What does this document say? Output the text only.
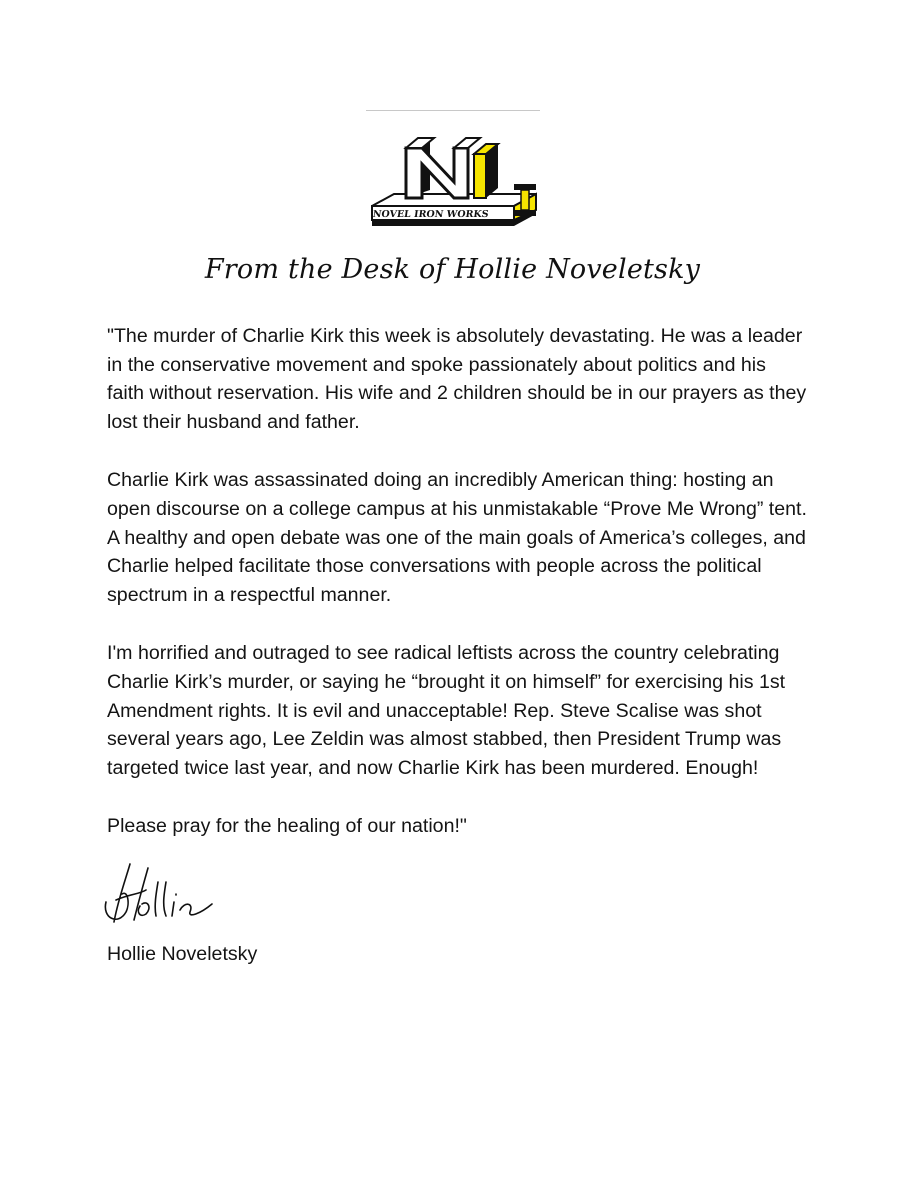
NOVEL IRON WORKS
From the Desk of Hollie Noveletsky

"The murder of Charlie Kirk this week is absolutely devastating. He was a leader in the conservative movement and spoke passionately about politics and his faith without reservation. His wife and 2 children should be in our prayers as they lost their husband and father.

Charlie Kirk was assassinated doing an incredibly American thing: hosting an open discourse on a college campus at his unmistakable “Prove Me Wrong” tent. A healthy and open debate was one of the main goals of America’s colleges, and Charlie helped facilitate those conversations with people across the political spectrum in a respectful manner.

I'm horrified and outraged to see radical leftists across the country celebrating Charlie Kirk’s murder, or saying he “brought it on himself” for exercising his 1st Amendment rights. It is evil and unacceptable! Rep. Steve Scalise was shot several years ago, Lee Zeldin was almost stabbed, then President Trump was targeted twice last year, and now Charlie Kirk has been murdered. Enough!

Please pray for the healing of our nation!"

Hollie Noveletsky
